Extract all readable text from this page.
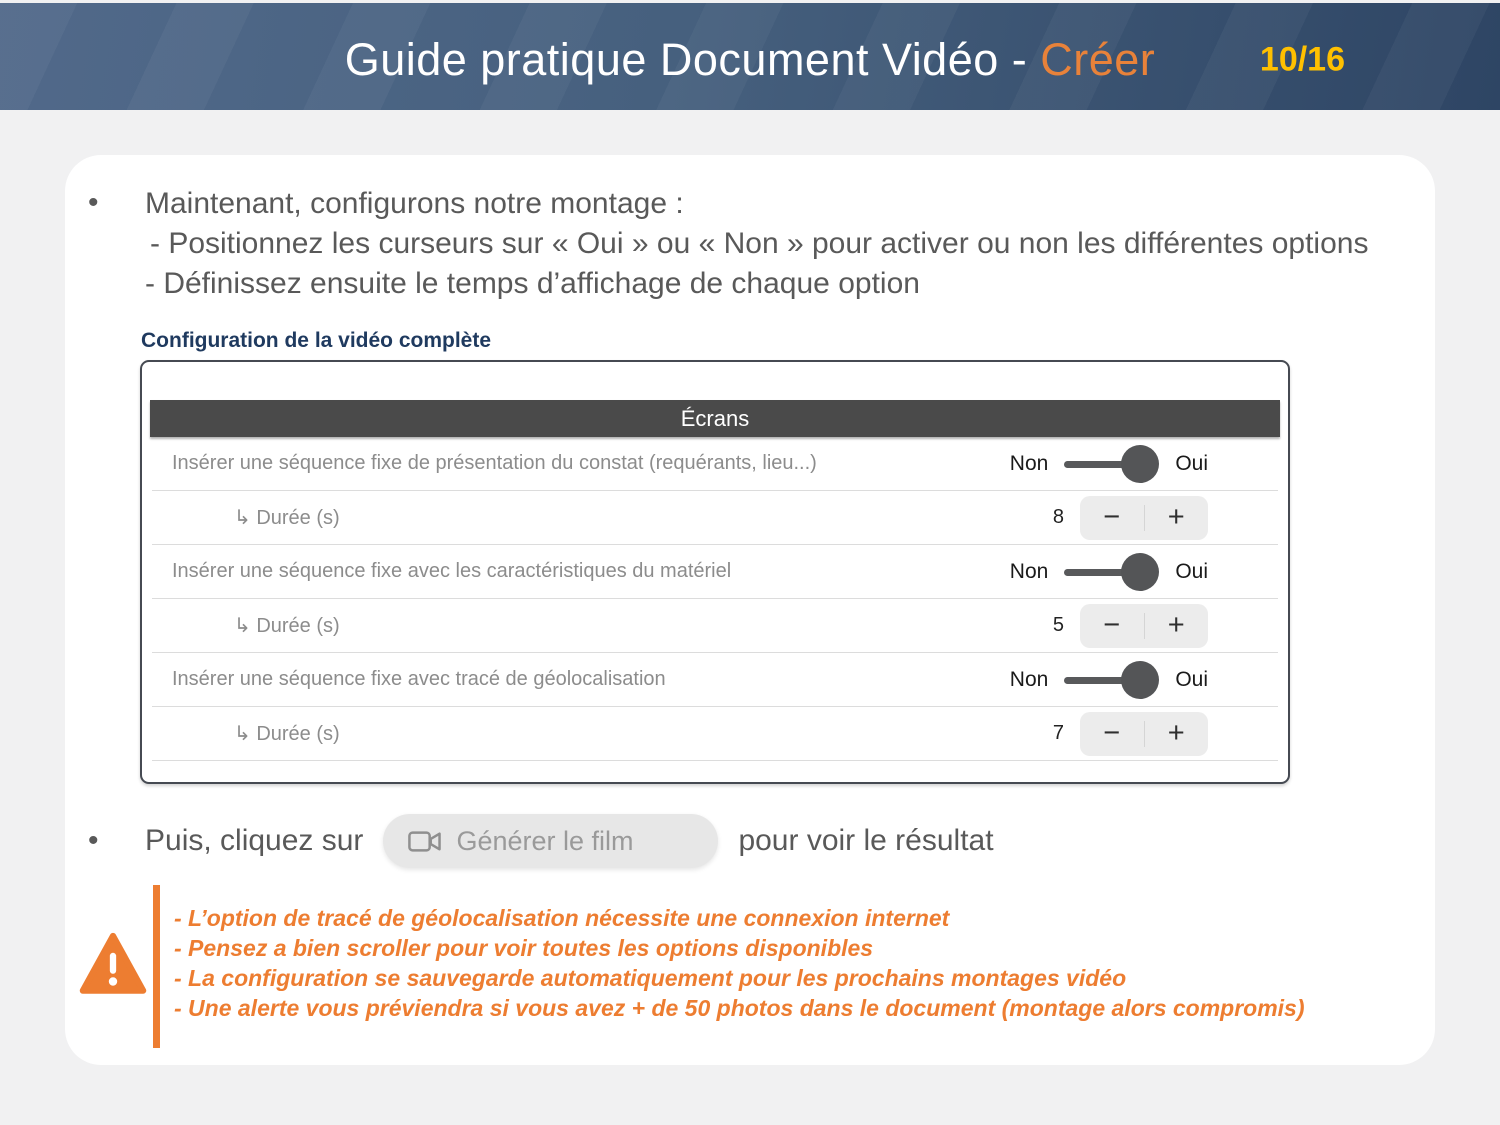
Guide pratique Document Vidéo - Créer	10/16
•	Maintenant, configurons notre montage :
- Positionnez les curseurs sur « Oui » ou « Non » pour activer ou non les différentes options
- Définissez ensuite le temps d’affichage de chaque option
Configuration de la vidéo complète
Écrans
Insérer une séquence fixe de présentation du constat (requérants, lieu...)	Non	Oui
↳ Durée (s)	8	−	+
Insérer une séquence fixe avec les caractéristiques du matériel	Non	Oui
↳ Durée (s)	5	−	+
Insérer une séquence fixe avec tracé de géolocalisation	Non	Oui
↳ Durée (s)	7	−	+
•	Puis, cliquez sur	Générer le film	pour voir le résultat
- L’option de tracé de géolocalisation nécessite une connexion internet
- Pensez a bien scroller pour voir toutes les options disponibles
- La configuration se sauvegarde automatiquement pour les prochains montages vidéo
- Une alerte vous préviendra si vous avez + de 50 photos dans le document (montage alors compromis)
